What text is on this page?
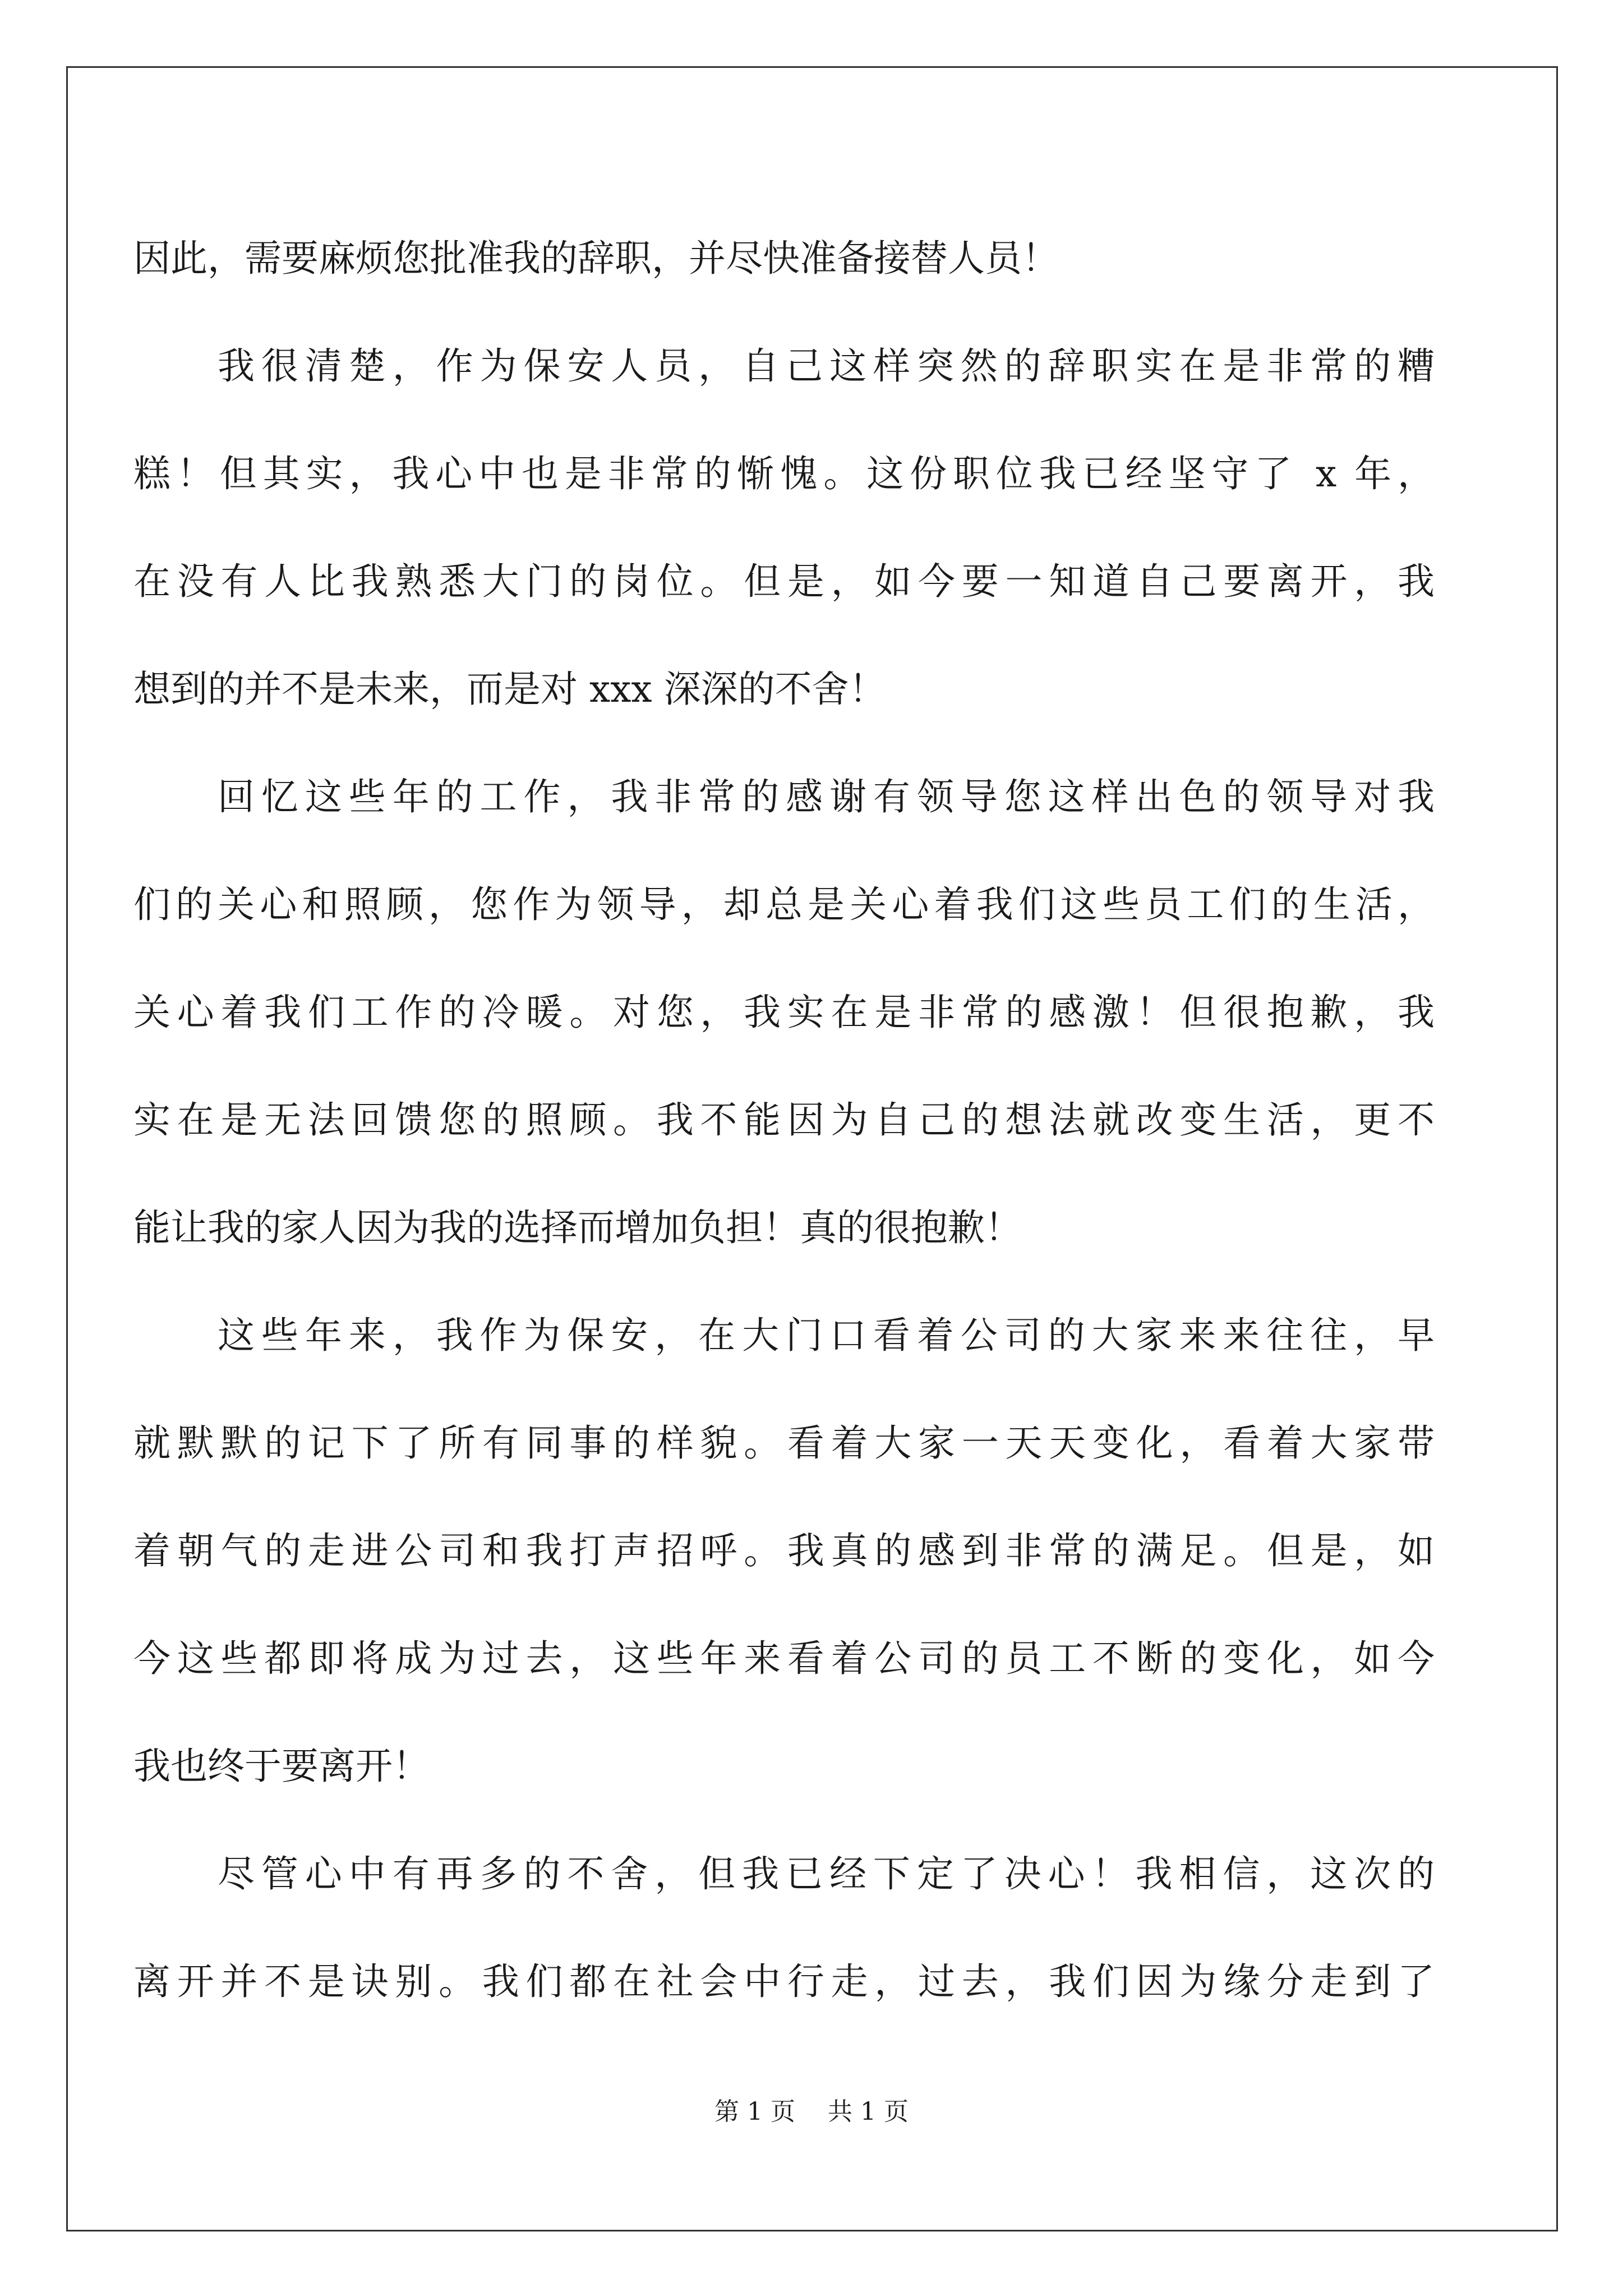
因此，需要麻烦您批准我的辞职，并尽快准备接替人员！
我很清楚，作为保安人员，自己这样突然的辞职实在是非常的糟
糕！但其实，我心中也是非常的惭愧。这份职位我已经坚守了 x 年，
在没有人比我熟悉大门的岗位。但是，如今要一知道自己要离开，我
想到的并不是未来，而是对 xxx 深深的不舍！
回忆这些年的工作，我非常的感谢有领导您这样出色的领导对我
们的关心和照顾，您作为领导，却总是关心着我们这些员工们的生活，
关心着我们工作的冷暖。对您，我实在是非常的感激！但很抱歉，我
实在是无法回馈您的照顾。我不能因为自己的想法就改变生活，更不
能让我的家人因为我的选择而增加负担！真的很抱歉！
这些年来，我作为保安，在大门口看着公司的大家来来往往，早
就默默的记下了所有同事的样貌。看着大家一天天变化，看着大家带
着朝气的走进公司和我打声招呼。我真的感到非常的满足。但是，如
今这些都即将成为过去，这些年来看着公司的员工不断的变化，如今
我也终于要离开！
尽管心中有再多的不舍，但我已经下定了决心！我相信，这次的
离开并不是诀别。我们都在社会中行走，过去，我们因为缘分走到了
第 1 页 共 1 页
